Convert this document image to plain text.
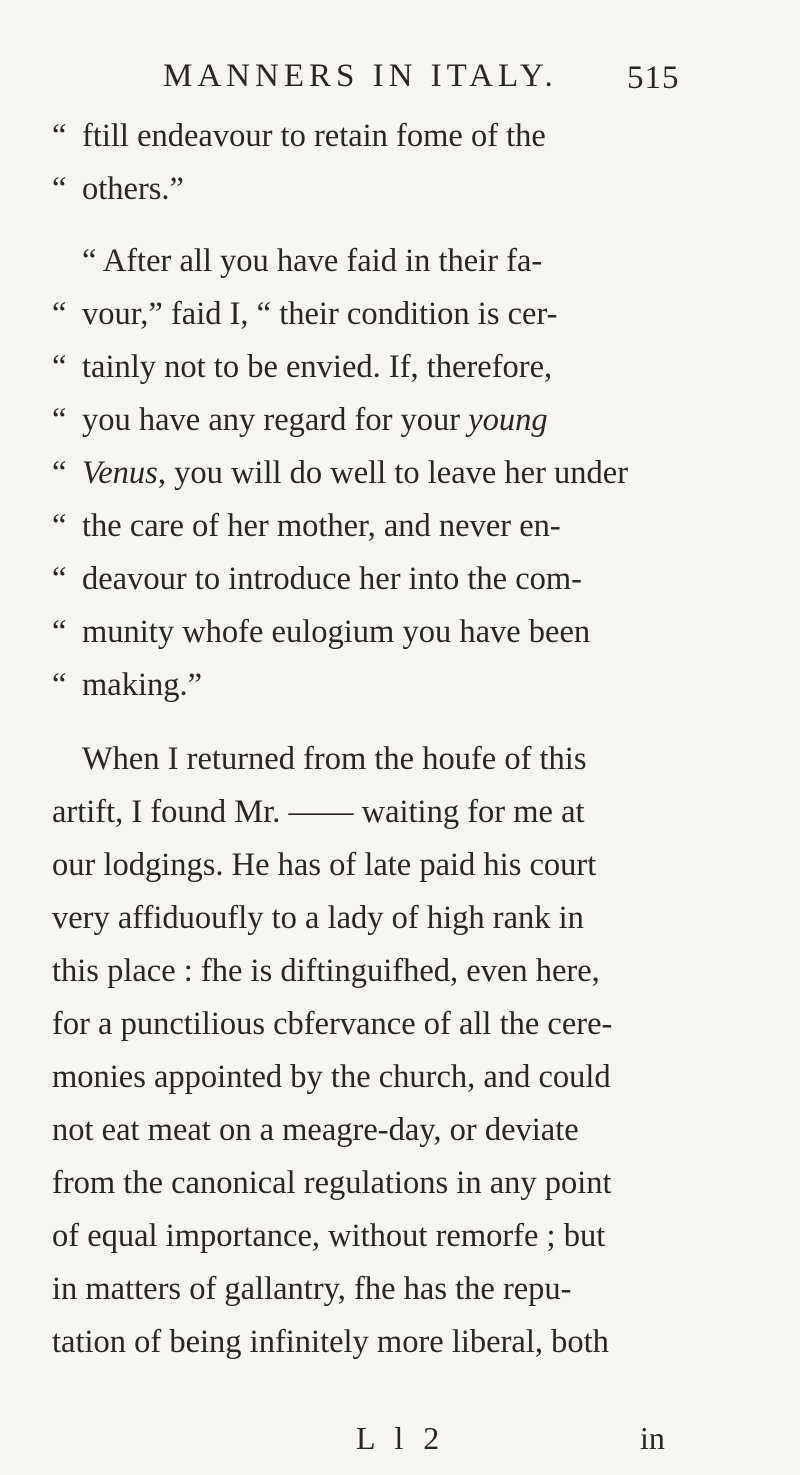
MANNERS IN ITALY. 515
“ ftill endeavour to retain fome of the
“ others.”
“ After all you have faid in their fa-
“ vour,” faid I, “ their condition is cer-
“ tainly not to be envied. If, therefore,
“ you have any regard for your young
“ Venus, you will do well to leave her under
“ the care of her mother, and never en-
“ deavour to introduce her into the com-
“ munity whofe eulogium you have been
“ making.”
When I returned from the houfe of this
artift, I found Mr. —— waiting for me at
our lodgings. He has of late paid his court
very affiduoufly to a lady of high rank in
this place : fhe is diftinguifhed, even here,
for a punctilious cbfervance of all the cere-
monies appointed by the church, and could
not eat meat on a meagre-day, or deviate
from the canonical regulations in any point
of equal importance, without remorfe ; but
in matters of gallantry, fhe has the repu-
tation of being infinitely more liberal, both
L l 2	in
